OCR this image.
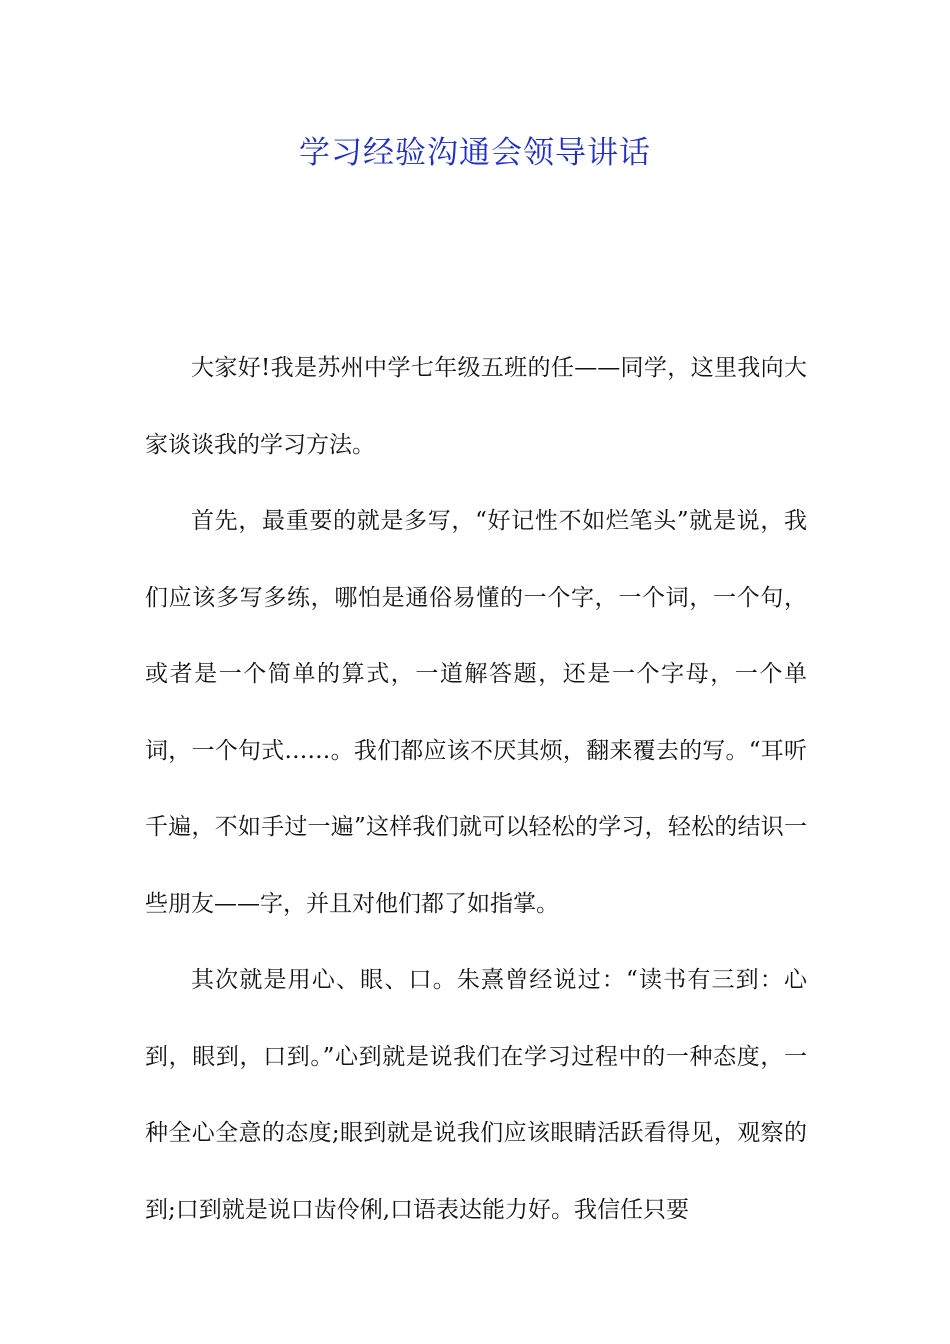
学习经验沟通会领导讲话

大家好!我是苏州中学七年级五班的任——同学，这里我向大家谈谈我的学习方法。

首先，最重要的就是多写，“好记性不如烂笔头”就是说，我们应该多写多练，哪怕是通俗易懂的一个字，一个词，一个句，或者是一个简单的算式，一道解答题，还是一个字母，一个单词，一个句式……。我们都应该不厌其烦，翻来覆去的写。“耳听千遍，不如手过一遍”这样我们就可以轻松的学习，轻松的结识一些朋友——字，并且对他们都了如指掌。

其次就是用心、眼、口。朱熹曾经说过：“读书有三到：心到，眼到，口到。”心到就是说我们在学习过程中的一种态度，一种全心全意的态度;眼到就是说我们应该眼睛活跃看得见，观察的到;口到就是说口齿伶俐,口语表达能力好。我信任只要
